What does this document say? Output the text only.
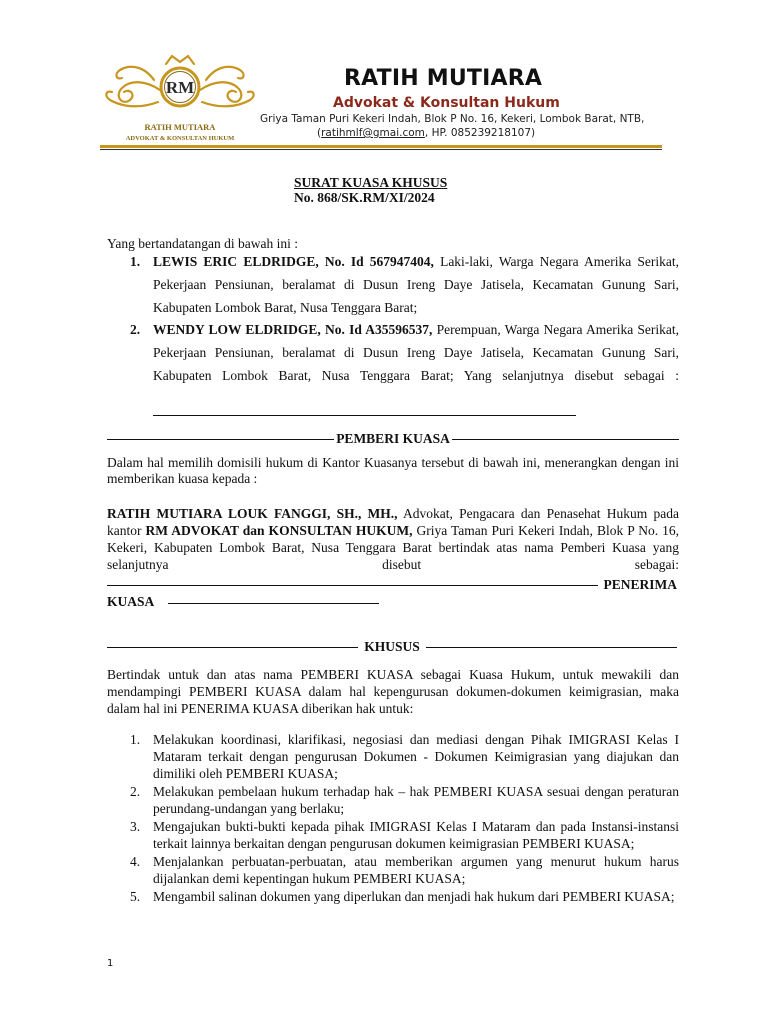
RM
RATIH MUTIARA
ADVOKAT & KONSULTAN HUKUM
RATIH MUTIARA
Advokat & Konsultan Hukum
Griya Taman Puri Kekeri Indah, Blok P No. 16, Kekeri, Lombok Barat, NTB,
(ratihmlf@gmai.com, HP. 085239218107)
SURAT KUASA KHUSUS
No. 868/SK.RM/XI/2024
Yang bertandatangan di bawah ini :
1. LEWIS ERIC ELDRIDGE, No. Id 567947404, Laki-laki, Warga Negara Amerika Serikat, Pekerjaan Pensiunan, beralamat di Dusun Ireng Daye Jatisela, Kecamatan Gunung Sari, Kabupaten Lombok Barat, Nusa Tenggara Barat;
2. WENDY LOW ELDRIDGE, No. Id A35596537, Perempuan, Warga Negara Amerika Serikat, Pekerjaan Pensiunan, beralamat di Dusun Ireng Daye Jatisela, Kecamatan Gunung Sari, Kabupaten Lombok Barat, Nusa Tenggara Barat; Yang selanjutnya disebut sebagai :
PEMBERI KUASA
Dalam hal memilih domisili hukum di Kantor Kuasanya tersebut di bawah ini, menerangkan dengan ini memberikan kuasa kepada :
RATIH MUTIARA LOUK FANGGI, SH., MH., Advokat, Pengacara dan Penasehat Hukum pada kantor RM ADVOKAT dan KONSULTAN HUKUM, Griya Taman Puri Kekeri Indah, Blok P No. 16, Kekeri, Kabupaten Lombok Barat, Nusa Tenggara Barat bertindak atas nama Pemberi Kuasa yang selanjutnya disebut sebagai:
PENERIMA
KUASA
KHUSUS
Bertindak untuk dan atas nama PEMBERI KUASA sebagai Kuasa Hukum, untuk mewakili dan mendampingi PEMBERI KUASA dalam hal kepengurusan dokumen-dokumen keimigrasian, maka dalam hal ini PENERIMA KUASA diberikan hak untuk:
1. Melakukan koordinasi, klarifikasi, negosiasi dan mediasi dengan Pihak IMIGRASI Kelas I Mataram terkait dengan pengurusan Dokumen - Dokumen Keimigrasian yang diajukan dan dimiliki oleh PEMBERI KUASA;
2. Melakukan pembelaan hukum terhadap hak – hak PEMBERI KUASA sesuai dengan peraturan perundang-undangan yang berlaku;
3. Mengajukan bukti-bukti kepada pihak IMIGRASI Kelas I Mataram dan pada Instansi-instansi terkait lainnya berkaitan dengan pengurusan dokumen keimigrasian PEMBERI KUASA;
4. Menjalankan perbuatan-perbuatan, atau memberikan argumen yang menurut hukum harus dijalankan demi kepentingan hukum PEMBERI KUASA;
5. Mengambil salinan dokumen yang diperlukan dan menjadi hak hukum dari PEMBERI KUASA;
1
